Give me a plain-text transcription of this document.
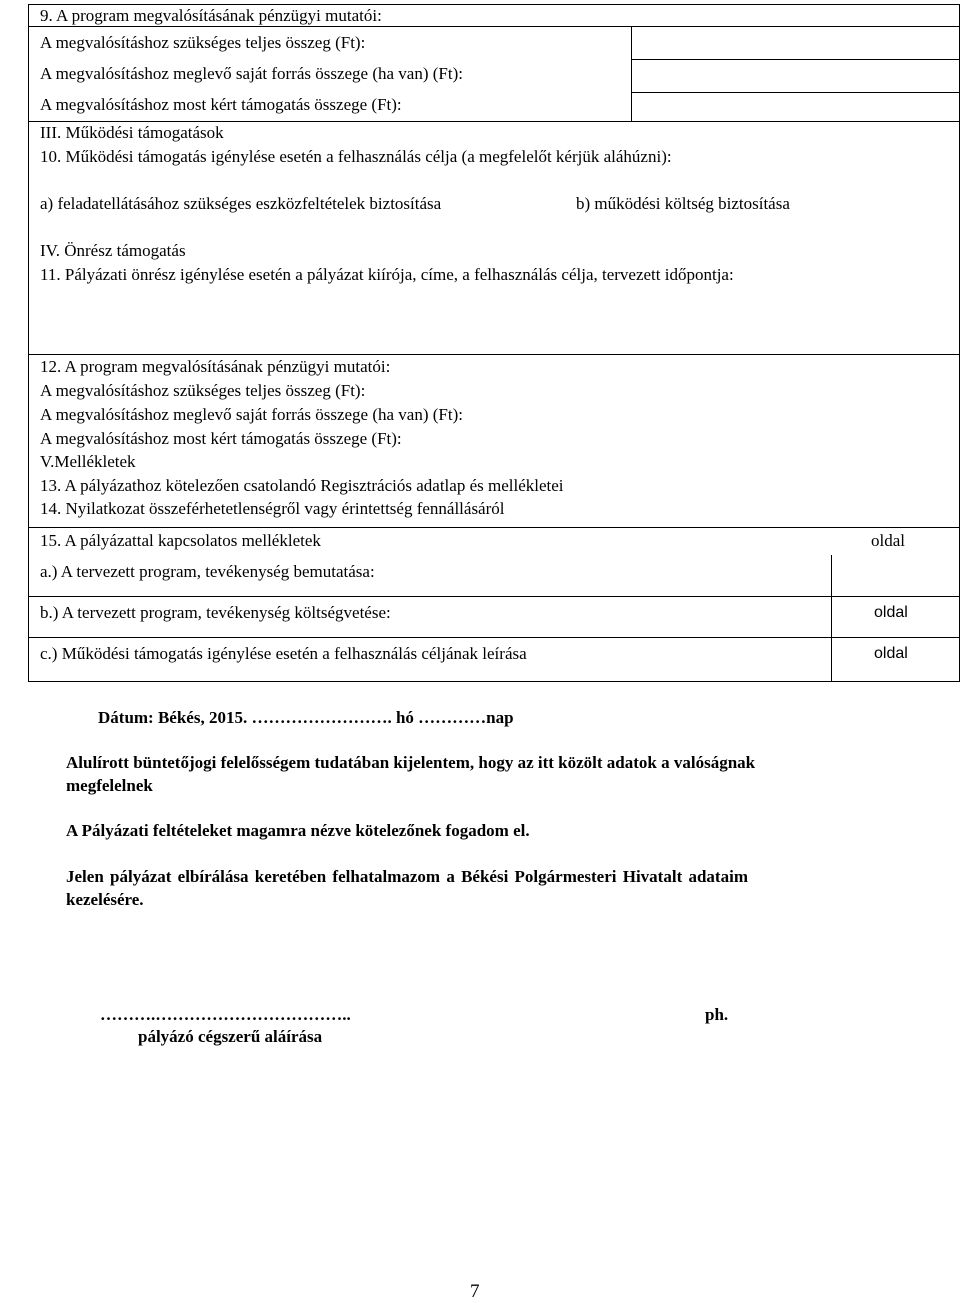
9. A program megvalósításának pénzügyi mutatói:
A megvalósításhoz szükséges teljes összeg (Ft):
A megvalósításhoz meglevő saját forrás összege (ha van) (Ft):
A megvalósításhoz most kért támogatás összege (Ft):
III. Működési támogatások
10. Működési támogatás igénylése esetén a felhasználás célja (a megfelelőt kérjük aláhúzni):
a) feladatellátásához szükséges eszközfeltételek biztosítása	b) működési költség biztosítása
IV. Önrész támogatás
11. Pályázati önrész igénylése esetén a pályázat kiírója, címe, a felhasználás célja, tervezett időpontja:
12. A program megvalósításának pénzügyi mutatói:
A megvalósításhoz szükséges teljes összeg (Ft):
A megvalósításhoz meglevő saját forrás összege (ha van) (Ft):
A megvalósításhoz most kért támogatás összege (Ft):
V.Mellékletek
13. A pályázathoz kötelezően csatolandó Regisztrációs adatlap és mellékletei
14. Nyilatkozat összeférhetetlenségről vagy érintettség fennállásáról
15. A pályázattal kapcsolatos mellékletek	oldal
a.) A tervezett program, tevékenység bemutatása:
b.) A tervezett program, tevékenység költségvetése:	oldal
c.) Működési támogatás igénylése esetén a felhasználás céljának leírása	oldal
Dátum: Békés, 2015. ……………………. hó …………nap
Alulírott büntetőjogi felelősségem tudatában kijelentem, hogy az itt közölt adatok a valóságnak
megfelelnek
A Pályázati feltételeket magamra nézve kötelezőnek fogadom el.
Jelen pályázat elbírálása keretében felhatalmazom a Békési Polgármesteri Hivatalt adataim
kezelésére.
……….……………………………..	ph.
pályázó cégszerű aláírása
7
